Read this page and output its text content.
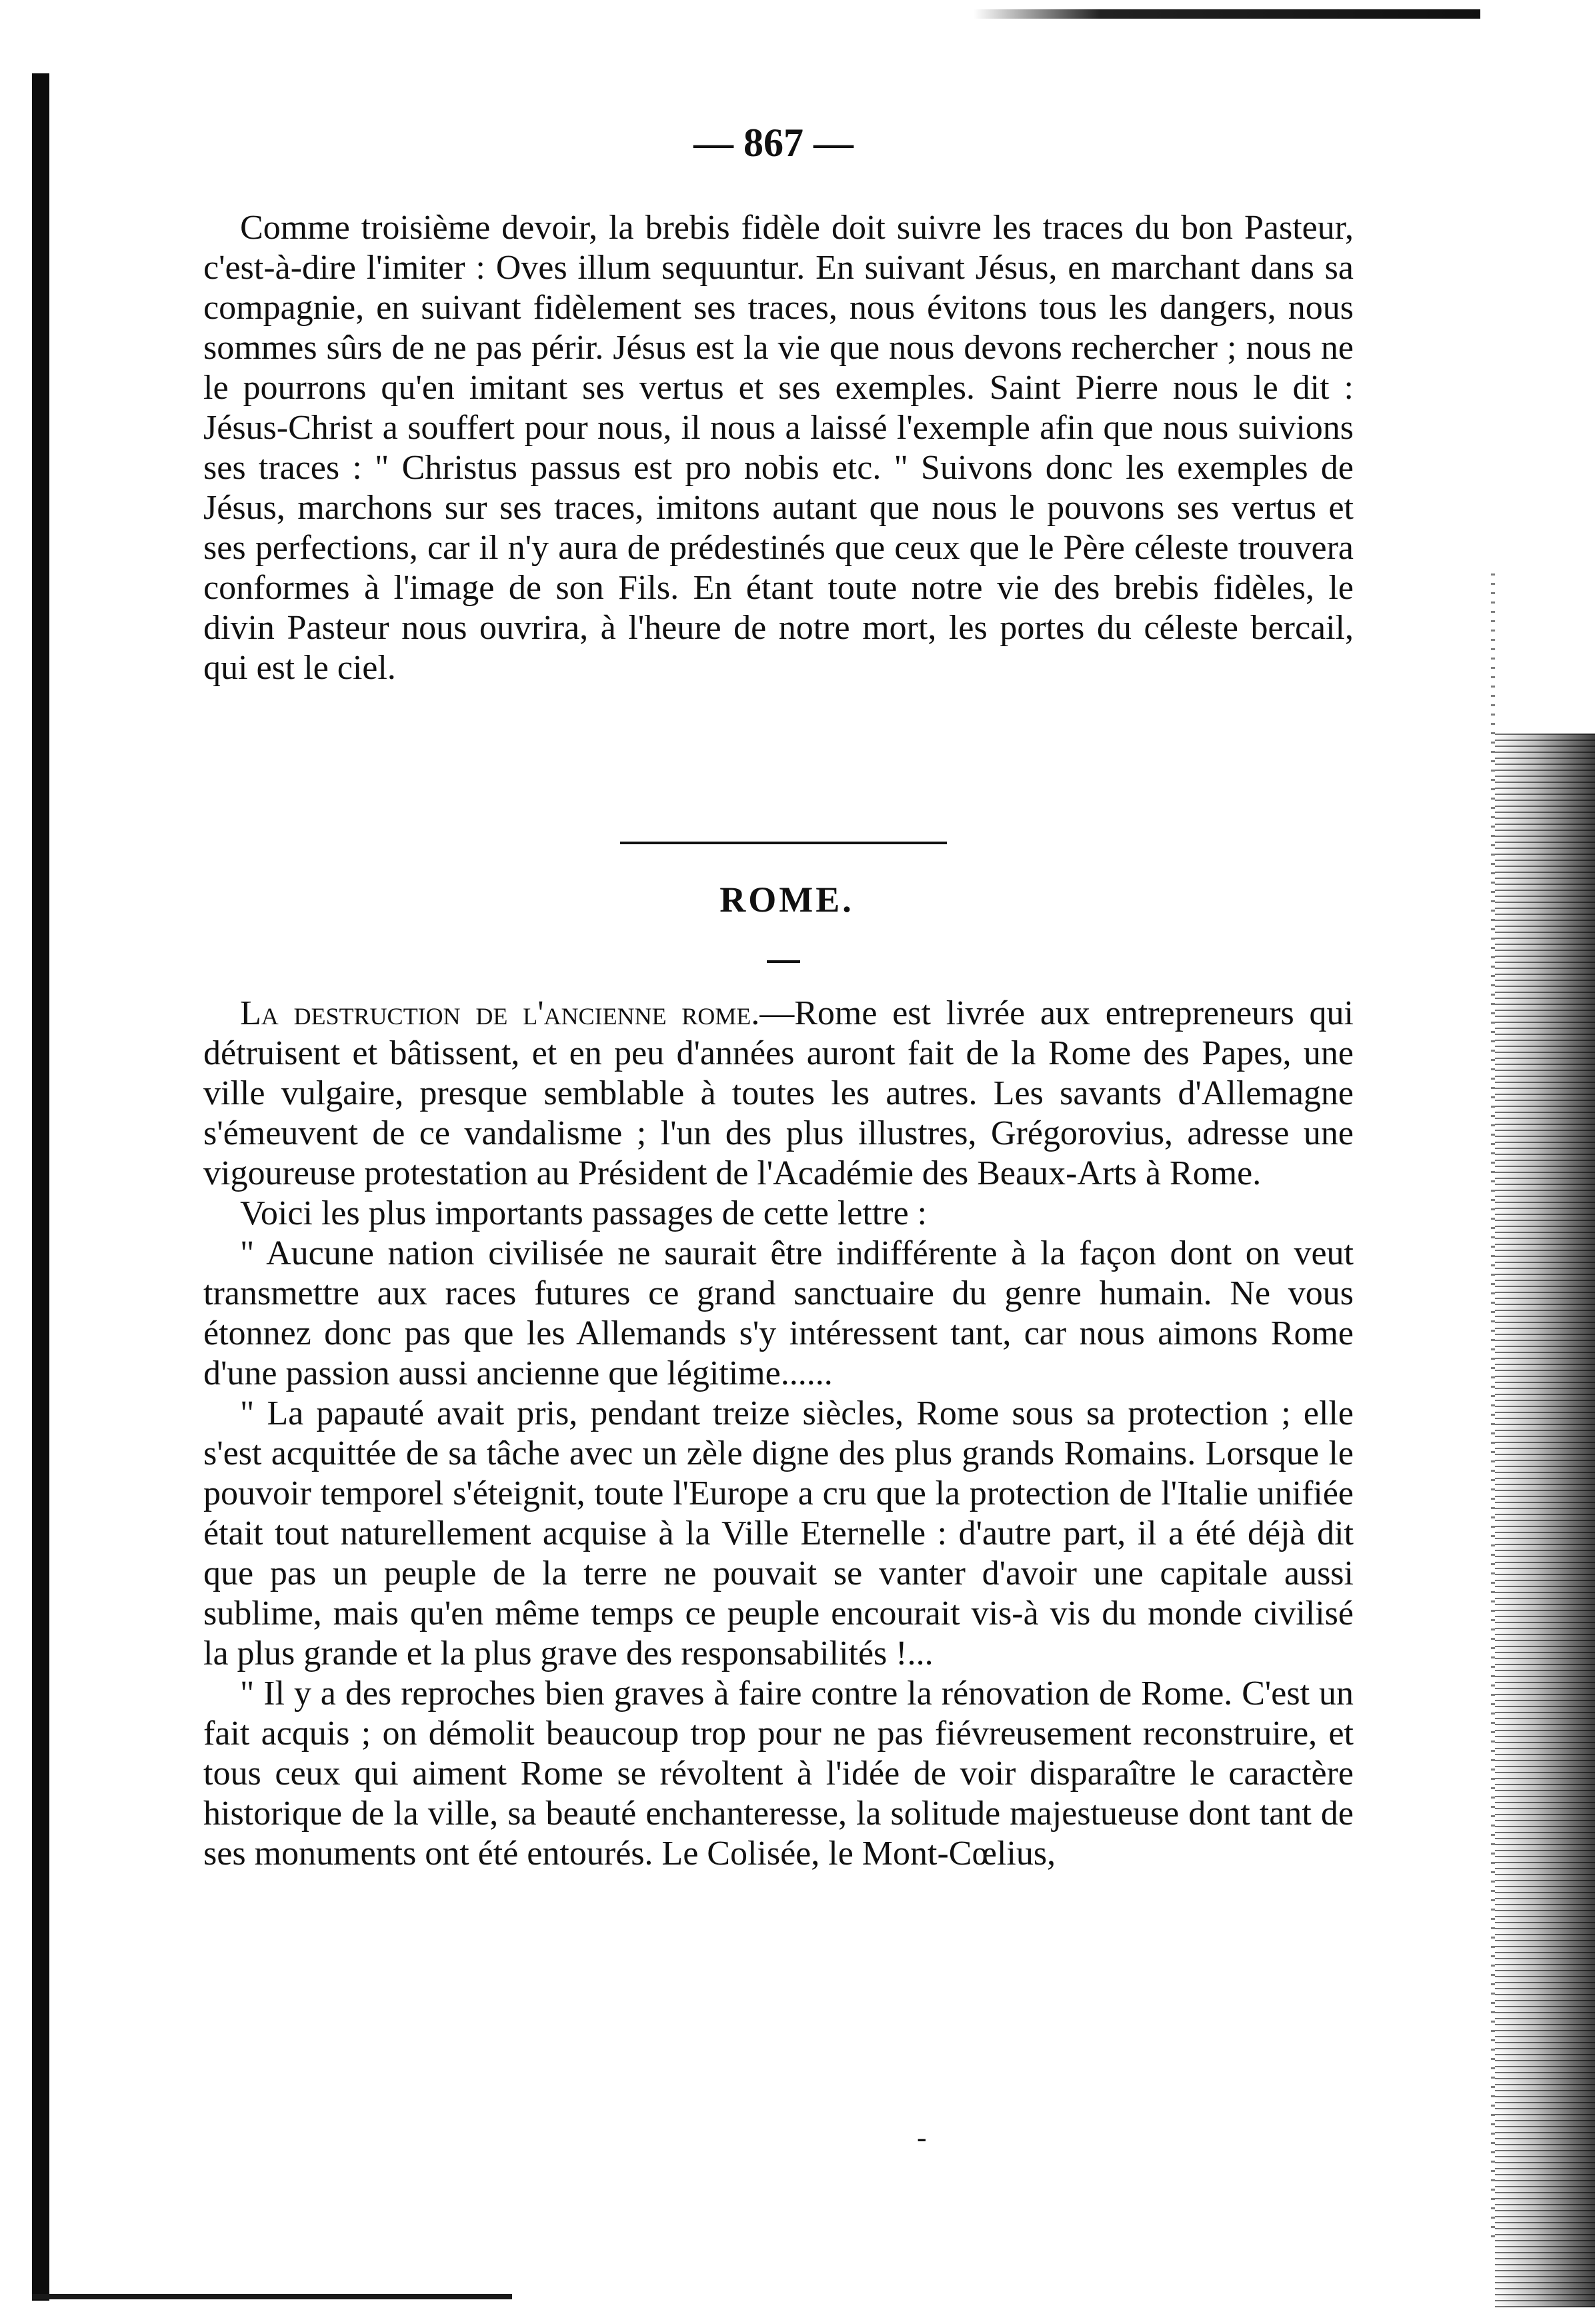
— 867 —

Comme troisième devoir, la brebis fidèle doit suivre les traces du bon Pasteur, c'est-à-dire l'imiter : Oves illum sequuntur. En suivant Jésus, en marchant dans sa compagnie, en suivant fidèlement ses traces, nous évitons tous les dangers, nous sommes sûrs de ne pas périr. Jésus est la vie que nous devons rechercher ; nous ne le pourrons qu'en imitant ses vertus et ses exemples. Saint Pierre nous le dit : Jésus-Christ a souffert pour nous, il nous a laissé l'exemple afin que nous suivions ses traces : " Christus passus est pro nobis etc. " Suivons donc les exemples de Jésus, marchons sur ses traces, imitons autant que nous le pouvons ses vertus et ses perfections, car il n'y aura de prédestinés que ceux que le Père céleste trouvera conformes à l'image de son Fils. En étant toute notre vie des brebis fidèles, le divin Pasteur nous ouvrira, à l'heure de notre mort, les portes du céleste bercail, qui est le ciel.

ROME.

La destruction de l'ancienne rome.—Rome est livrée aux entrepreneurs qui détruisent et bâtissent, et en peu d'années auront fait de la Rome des Papes, une ville vulgaire, presque semblable à toutes les autres. Les savants d'Allemagne s'émeuvent de ce vandalisme ; l'un des plus illustres, Grégorovius, adresse une vigoureuse protestation au Président de l'Académie des Beaux-Arts à Rome.

Voici les plus importants passages de cette lettre :

" Aucune nation civilisée ne saurait être indifférente à la façon dont on veut transmettre aux races futures ce grand sanctuaire du genre humain. Ne vous étonnez donc pas que les Allemands s'y intéressent tant, car nous aimons Rome d'une passion aussi ancienne que légitime......

" La papauté avait pris, pendant treize siècles, Rome sous sa protection ; elle s'est acquittée de sa tâche avec un zèle digne des plus grands Romains. Lorsque le pouvoir temporel s'éteignit, toute l'Europe a cru que la protection de l'Italie unifiée était tout naturellement acquise à la Ville Eternelle : d'autre part, il a été déjà dit que pas un peuple de la terre ne pouvait se vanter d'avoir une capitale aussi sublime, mais qu'en même temps ce peuple encourait vis-à vis du monde civilisé la plus grande et la plus grave des responsabilités !...

" Il y a des reproches bien graves à faire contre la rénovation de Rome. C'est un fait acquis ; on démolit beaucoup trop pour ne pas fiévreusement reconstruire, et tous ceux qui aiment Rome se révoltent à l'idée de voir disparaître le caractère historique de la ville, sa beauté enchanteresse, la solitude majestueuse dont tant de ses monuments ont été entourés. Le Colisée, le Mont-Cœlius,

-
